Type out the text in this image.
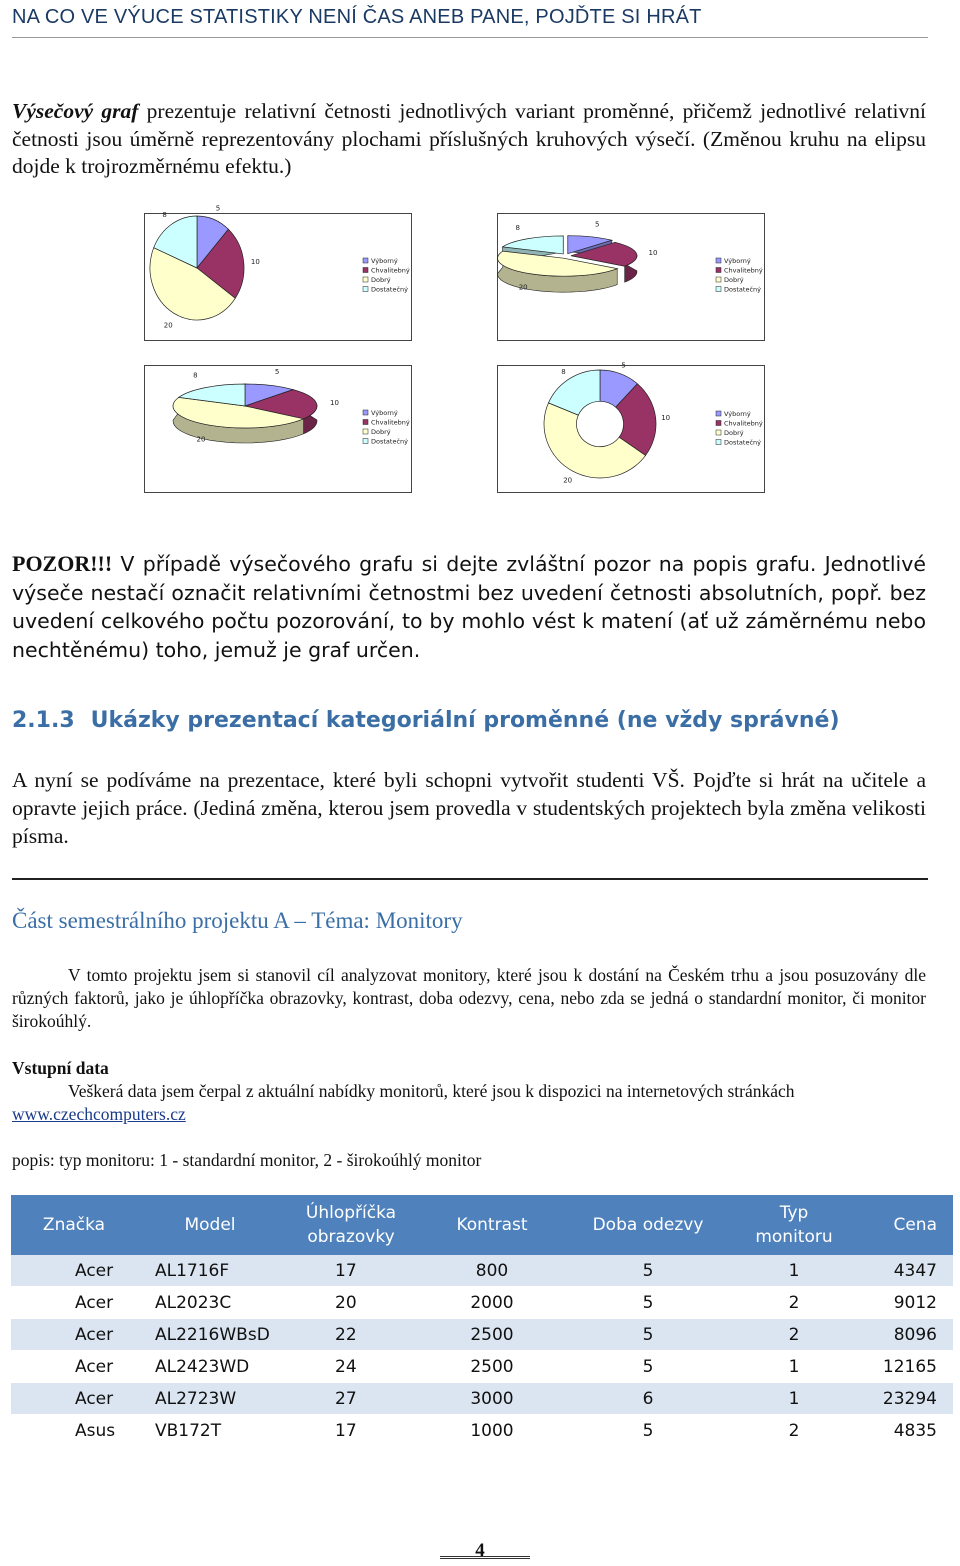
NA CO VE VÝUCE STATISTIKY NENÍ ČAS ANEB PANE, POJĎTE SI HRÁT

Výsečový graf prezentuje relativní četnosti jednotlivých variant proměnné, přičemž jednotlivé relativní četnosti jsou úměrně reprezentovány plochami příslušných kruhových výsečí. (Změnou kruhu na elipsu dojde k trojrozměrnému efektu.)

5
10
20
8
Výborný
Chvalitebný
Dobrý
Dostatečný
5
10
20
8
Výborný
Chvalitebný
Dobrý
Dostatečný
5
10
20
8
Výborný
Chvalitebný
Dobrý
Dostatečný
5
10
20
8
Výborný
Chvalitebný
Dobrý
Dostatečný

POZOR!!! V případě výsečového grafu si dejte zvláštní pozor na popis grafu. Jednotlivé výseče nestačí označit relativními četnostmi bez uvedení četnosti absolutních, popř. bez uvedení celkového počtu pozorování, to by mohlo vést k matení (ať už záměrnému nebo nechtěnému) toho, jemuž je graf určen.

2.1.3 Ukázky prezentací kategoriální proměnné (ne vždy správné)

A nyní se podíváme na prezentace, které byli schopni vytvořit studenti VŠ. Pojďte si hrát na učitele a opravte jejich práce. (Jediná změna, kterou jsem provedla v studentských projektech byla změna velikosti písma.

Část semestrálního projektu A – Téma: Monitory

V tomto projektu jsem si stanovil cíl analyzovat monitory, které jsou k dostání na Českém trhu a jsou posuzovány dle různých faktorů, jako je úhlopříčka obrazovky, kontrast, doba odezvy, cena, nebo zda se jedná o standardní monitor, či monitor širokoúhlý.

Vstupní data

Veškerá data jsem čerpal z aktuální nabídky monitorů, které jsou k dispozici na internetových stránkách www.czechcomputers.cz

popis: typ monitoru: 1 - standardní monitor, 2 - širokoúhlý monitor
Značka	Model	Úhlopříčka obrazovky	Kontrast	Doba odezvy	Typ monitoru	Cena
Acer	AL1716F	17	800	5	1	4347
Acer	AL2023C	20	2000	5	2	9012
Acer	AL2216WBsD	22	2500	5	2	8096
Acer	AL2423WD	24	2500	5	1	12165
Acer	AL2723W	27	3000	6	1	23294
Asus	VB172T	17	1000	5	2	4835
4
